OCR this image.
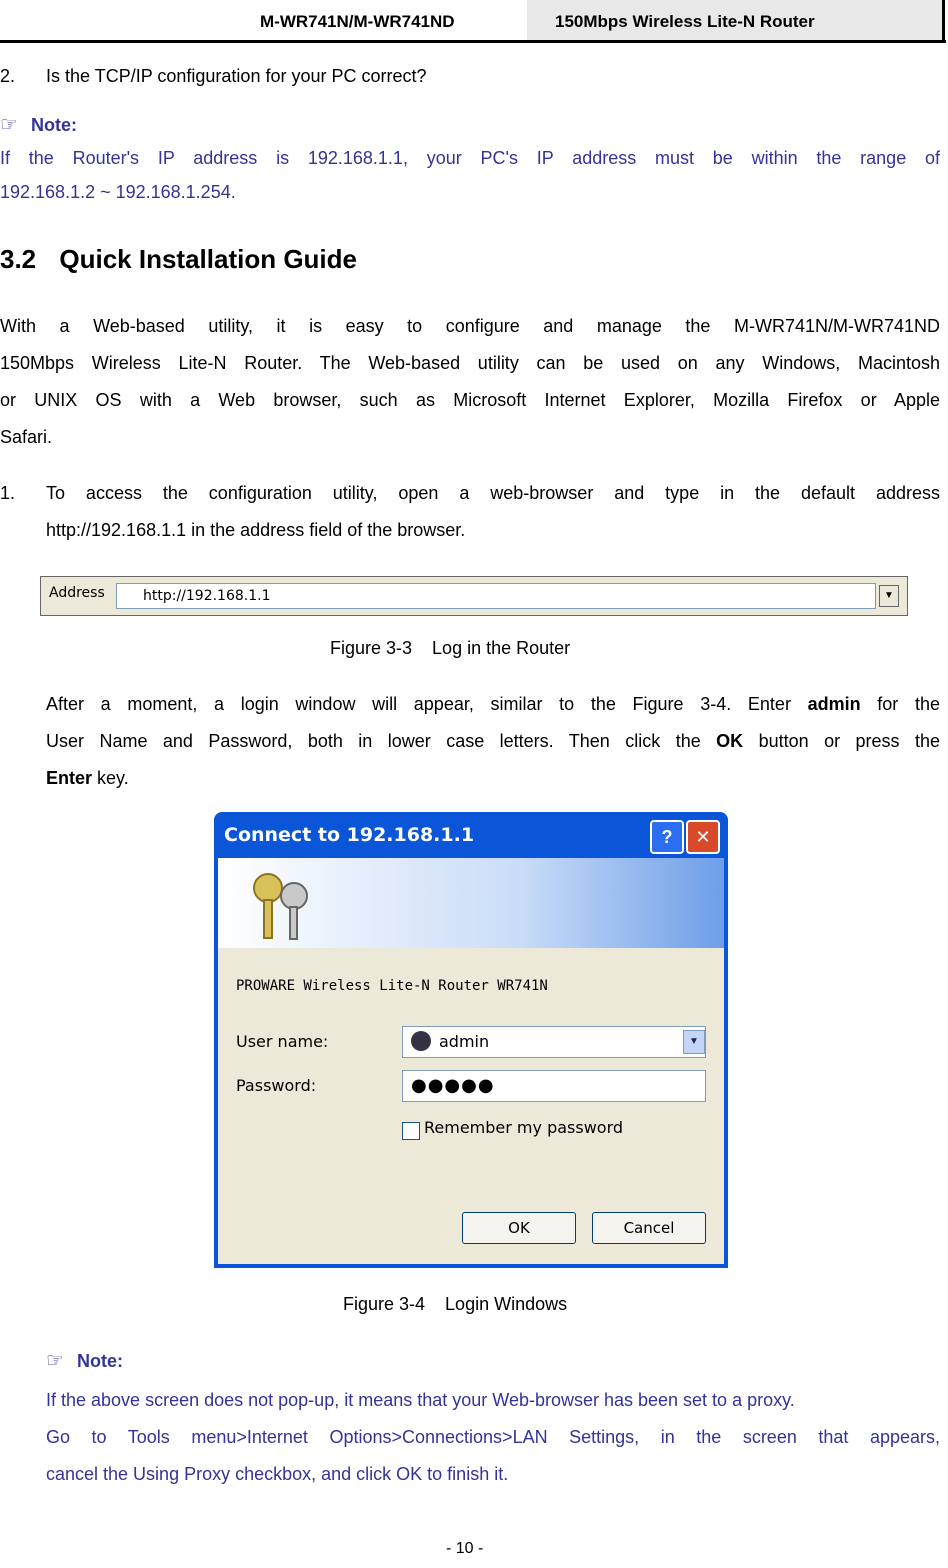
M-WR741N/M-WR741ND	150Mbps Wireless Lite-N Router
2. Is the TCP/IP configuration for your PC correct?
☞ Note:
If the Router's IP address is 192.168.1.1, your PC's IP address must be within the range of
192.168.1.2 ~ 192.168.1.254.
3.2 Quick Installation Guide
With a Web-based utility, it is easy to configure and manage the M-WR741N/M-WR741ND
150Mbps Wireless Lite-N Router. The Web-based utility can be used on any Windows, Macintosh
or UNIX OS with a Web browser, such as Microsoft Internet Explorer, Mozilla Firefox or Apple
Safari.
1. To access the configuration utility, open a web-browser and type in the default address
http://192.168.1.1 in the address field of the browser.
Address	http://192.168.1.1	▼
Figure 3-3    Log in the Router
After a moment, a login window will appear, similar to the Figure 3-4. Enter admin for the
User Name and Password, both in lower case letters. Then click the OK button or press the
Enter key.
Connect to 192.168.1.1	?	✕
PROWARE Wireless Lite-N Router WR741N
User name:	admin	▼
Password:	●●●●●
Remember my password
OK	Cancel
Figure 3-4    Login Windows
☞ Note:
If the above screen does not pop-up, it means that your Web-browser has been set to a proxy.
Go to Tools menu>Internet Options>Connections>LAN Settings, in the screen that appears,
cancel the Using Proxy checkbox, and click OK to finish it.
- 10 -
